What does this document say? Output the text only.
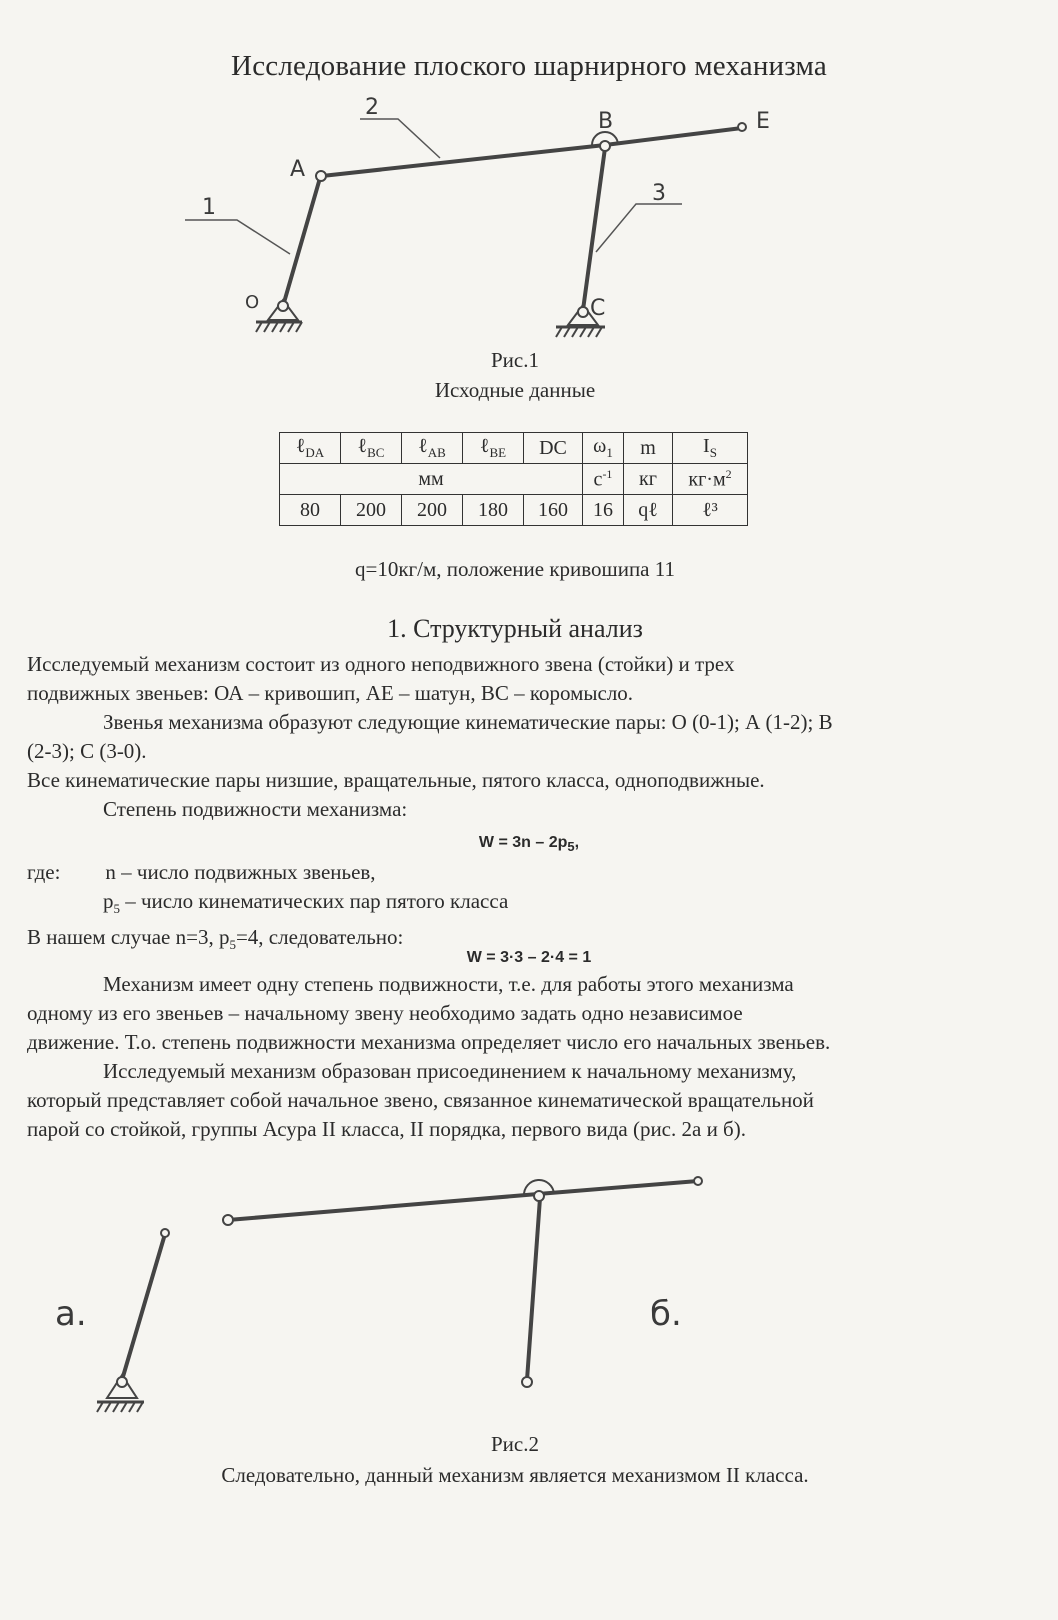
Исследование плоского шарнирного механизма
2
B	E
A
1
3
O	C
Рис.1
Исходные данные
ℓ$_{DA}$	ℓ$_{BC}$	ℓ$_{AB}$	ℓ$_{BE}$	DC	$\omega_1$	m	$I_S$
мм					$с^{-1}$	кг	$кг\cdot м^2$
80	200	200	180	160	16	qℓ	ℓ³
q=10кг/м, положение кривошипа 11
1. Структурный анализ
Исследуемый механизм состоит из одного неподвижного звена (стойки) и трех
подвижных звеньев: ОА – кривошип, АЕ – шатун, ВС – коромысло.
Звенья механизма образуют следующие кинематические пары: О (0-1); А (1-2); В
(2-3); С (3-0).
Все кинематические пары низшие, вращательные, пятого класса, одноподвижные.
Степень подвижности механизма:
$W = 3n - 2p_5$,
где: n – число подвижных звеньев,
$p_5$ – число кинематических пар пятого класса
В нашем случае n=3, $p_5=4$, следовательно:
W = 3·3 – 2·4 = 1
Механизм имеет одну степень подвижности, т.е. для работы этого механизма
одному из его звеньев – начальному звену необходимо задать одно независимое
движение. Т.о. степень подвижности механизма определяет число его начальных звеньев.
Исследуемый механизм образован присоединением к начальному механизму,
который представляет собой начальное звено, связанное кинематической вращательной
парой со стойкой, группы Асура II класса, II порядка, первого вида (рис. 2а и б).
a.	б.
Рис.2
Следовательно, данный механизм является механизмом II класса.
